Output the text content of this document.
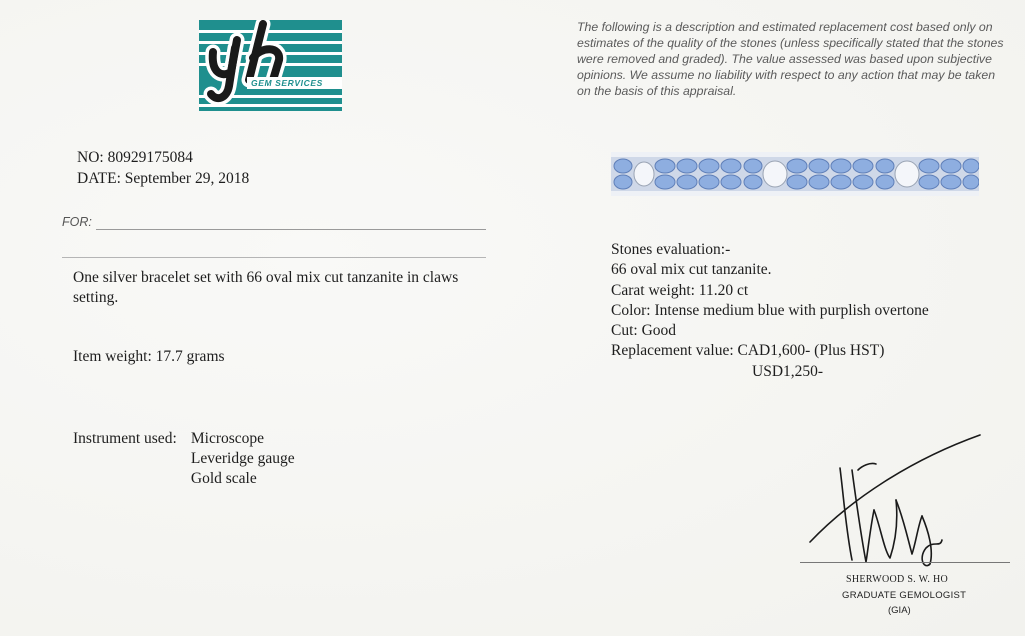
GEM SERVICES

The following is a description and estimated replacement cost based only on estimates of the quality of the stones (unless specifically stated that the stones were removed and graded). The value assessed was based upon subjective opinions. We assume no liability with respect to any action that may be taken on the basis of this appraisal.

NO: 80929175084
DATE: September 29, 2018
FOR:
One silver bracelet set with 66 oval mix cut tanzanite in claws setting.
Item weight: 17.7 grams
Instrument used: Microscope
Leveridge gauge
Gold scale
Stones evaluation:-
66 oval mix cut tanzanite.
Carat weight: 11.20 ct
Color: Intense medium blue with purplish overtone
Cut: Good
Replacement value: CAD1,600- (Plus HST)
USD1,250-
SHERWOOD S. W. HO
GRADUATE GEMOLOGIST
(GIA)
